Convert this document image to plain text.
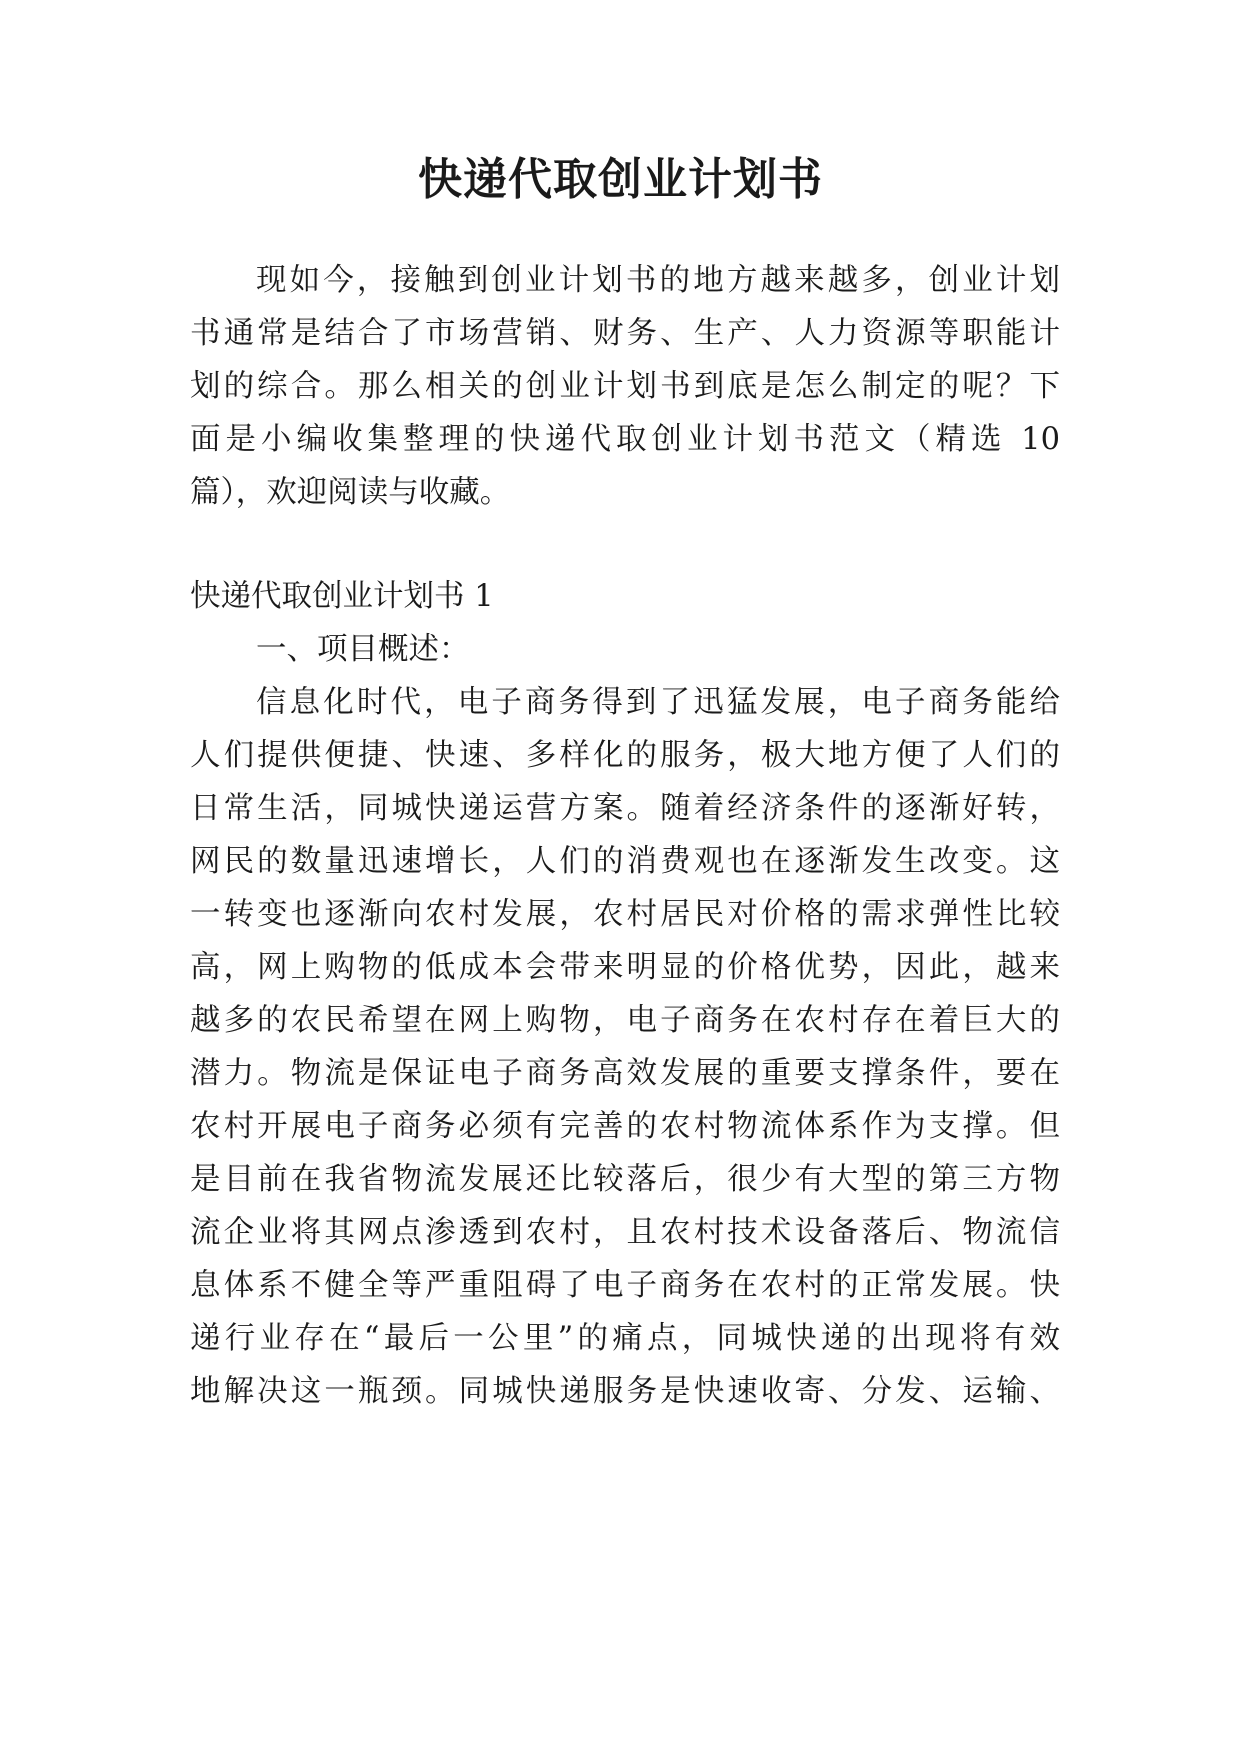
快递代取创业计划书

现如今，接触到创业计划书的地方越来越多，创业计划

书通常是结合了市场营销、财务、生产、人力资源等职能计

划的综合。那么相关的创业计划书到底是怎么制定的呢？下

面是小编收集整理的快递代取创业计划书范文（精选 10

篇），欢迎阅读与收藏。

快递代取创业计划书 1

一、项目概述：

信息化时代，电子商务得到了迅猛发展，电子商务能给

人们提供便捷、快速、多样化的服务，极大地方便了人们的

日常生活，同城快递运营方案。随着经济条件的逐渐好转，

网民的数量迅速增长，人们的消费观也在逐渐发生改变。这

一转变也逐渐向农村发展，农村居民对价格的需求弹性比较

高，网上购物的低成本会带来明显的价格优势，因此，越来

越多的农民希望在网上购物，电子商务在农村存在着巨大的

潜力。物流是保证电子商务高效发展的重要支撑条件，要在

农村开展电子商务必须有完善的农村物流体系作为支撑。但

是目前在我省物流发展还比较落后，很少有大型的第三方物

流企业将其网点渗透到农村，且农村技术设备落后、物流信

息体系不健全等严重阻碍了电子商务在农村的正常发展。快

递行业存在“最后一公里”的痛点，同城快递的出现将有效

地解决这一瓶颈。同城快递服务是快速收寄、分发、运输、
